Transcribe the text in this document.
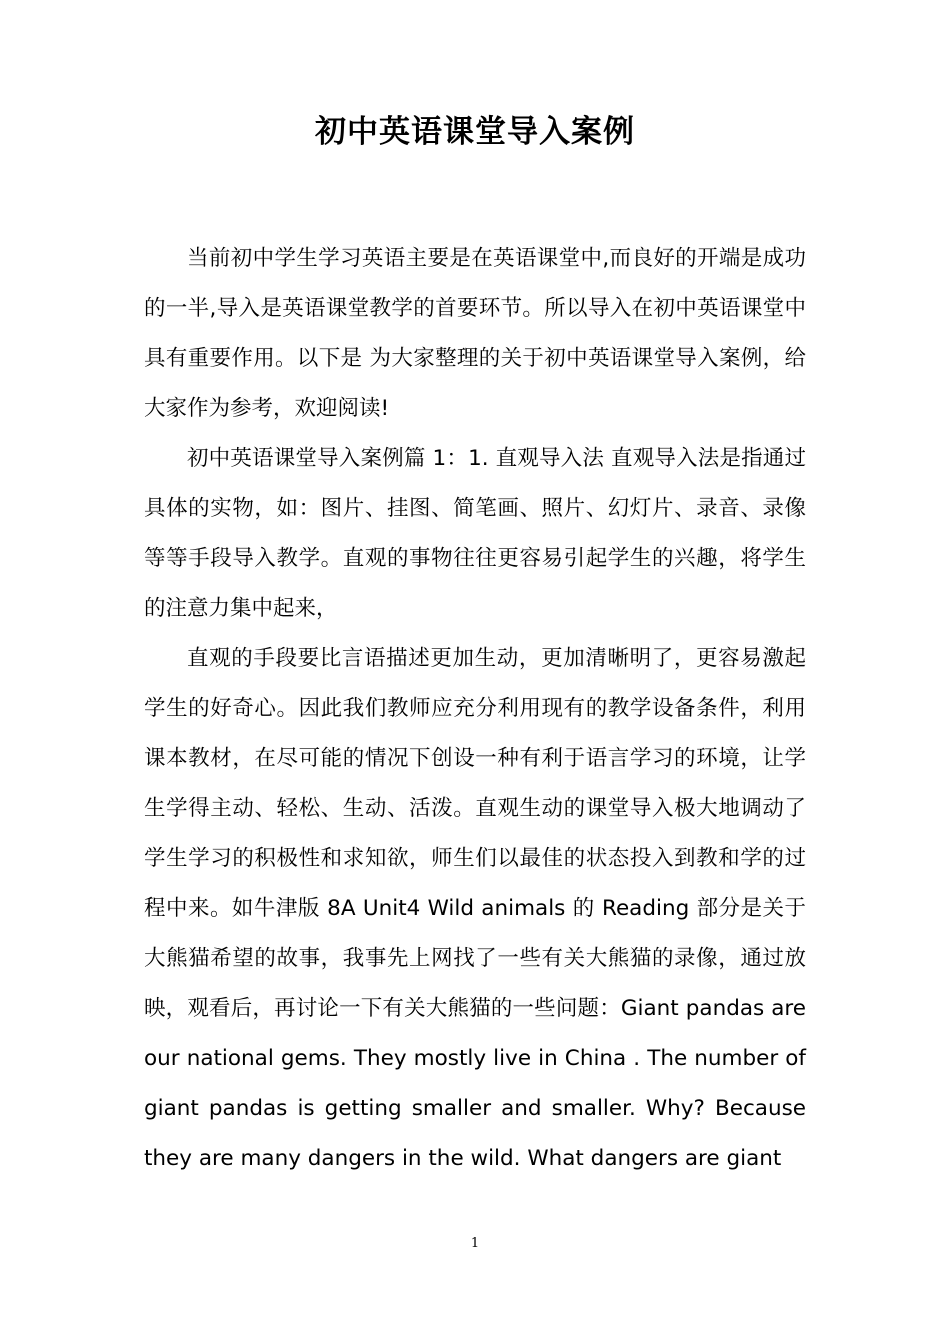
初中英语课堂导入案例

当前初中学生学习英语主要是在英语课堂中,而良好的开端是成功的一半,导入是英语课堂教学的首要环节。所以导入在初中英语课堂中具有重要作用。以下是 为大家整理的关于初中英语课堂导入案例，给大家作为参考，欢迎阅读!

初中英语课堂导入案例篇 1：1. 直观导入法 直观导入法是指通过具体的实物，如：图片、挂图、简笔画、照片、幻灯片、录音、录像等等手段导入教学。直观的事物往往更容易引起学生的兴趣，将学生的注意力集中起来，

直观的手段要比言语描述更加生动，更加清晰明了，更容易激起学生的好奇心。因此我们教师应充分利用现有的教学设备条件，利用课本教材，在尽可能的情况下创设一种有利于语言学习的环境，让学生学得主动、轻松、生动、活泼。直观生动的课堂导入极大地调动了学生学习的积极性和求知欲，师生们以最佳的状态投入到教和学的过程中来。如牛津版 8A Unit4 Wild animals 的 Reading 部分是关于大熊猫希望的故事，我事先上网找了一些有关大熊猫的录像，通过放映，观看后，再讨论一下有关大熊猫的一些问题：Giant pandas are our national gems. They mostly live in China . The number of giant pandas is getting smaller and smaller. Why? Because they are many dangers in the wild. What dangers are giant

1
